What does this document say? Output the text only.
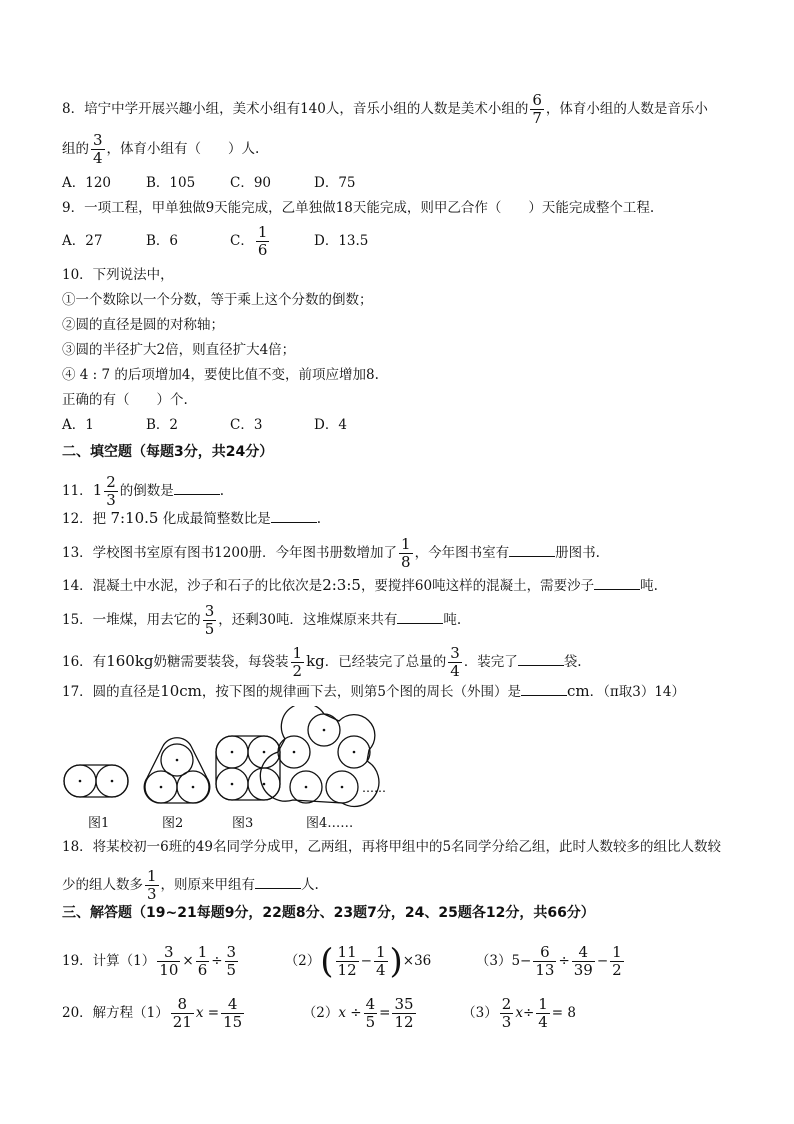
8．培宁中学开展兴趣小组，美术小组有140人，音乐小组的人数是美术小组的 $\frac{6}{7}$ ，体育小组的人数是音乐小
组的 $\frac{3}{4}$ ，体育小组有（　　）人.
A．120	B．105	C．90	D．75
9．一项工程，甲单独做9天能完成，乙单独做18天能完成，则甲乙合作（　　）天能完成整个工程.
A．27	B．6	C． $\frac{1}{6}$	D．13.5
10．下列说法中，
①一个数除以一个分数，等于乘上这个分数的倒数；
②圆的直径是圆的对称轴；
③圆的半径扩大2倍，则直径扩大4倍；
④ 4 : 7 的后项增加4，要使比值不变，前项应增加8.
正确的有（　　）个.
A．1	B．2	C．3	D．4
二、填空题（每题3分，共24分）
11．$1 \frac{2}{3}$ 的倒数是	.
12．把 7:10.5 化成最简整数比是	.
13．学校图书室原有图书1200册．今年图书册数增加了 $\frac{1}{8}$ ，今年图书室有	册图书.
14．混凝土中水泥，沙子和石子的比依次是2:3:5，要搅拌60吨这样的混凝土，需要沙子	吨.
15．一堆煤，用去它的 $\frac{3}{5}$ ，还剩30吨．这堆煤原来共有	吨.
16．有160kg奶糖需要装袋，每袋装 $\frac{1}{2}$ kg．已经装完了总量的 $\frac{3}{4}$ ．装完了	袋.
17．圆的直径是10cm，按下图的规律画下去，则第5个图的周长（外围）是	cm．（π取3）14）
……
图1	图2	图3	图4……
18．将某校初一6班的49名同学分成甲，乙两组，再将甲组中的5名同学分给乙组，此时人数较多的组比人数较
少的组人数多 $\frac{1}{3}$ ，则原来甲组有	人.
三、解答题（19~21每题9分，22题8分、23题7分，24、25题各12分，共66分）
19．计算$(1) \frac{3}{10} \times \frac{1}{6} \div \frac{3}{5}$	$(2)( \frac{11}{12} - \frac{1}{4} )\times 36$	$(3)5- \frac{6}{13} \div \frac{4}{39} - \frac{1}{2}$
20．解方程$(1) \frac{8}{21}$ $x = \frac{4}{15}$	$(2)x \div \frac{4}{5} = \frac{35}{12}$	$(3) \frac{2}{3} x\div \frac{1}{4} = 8$
